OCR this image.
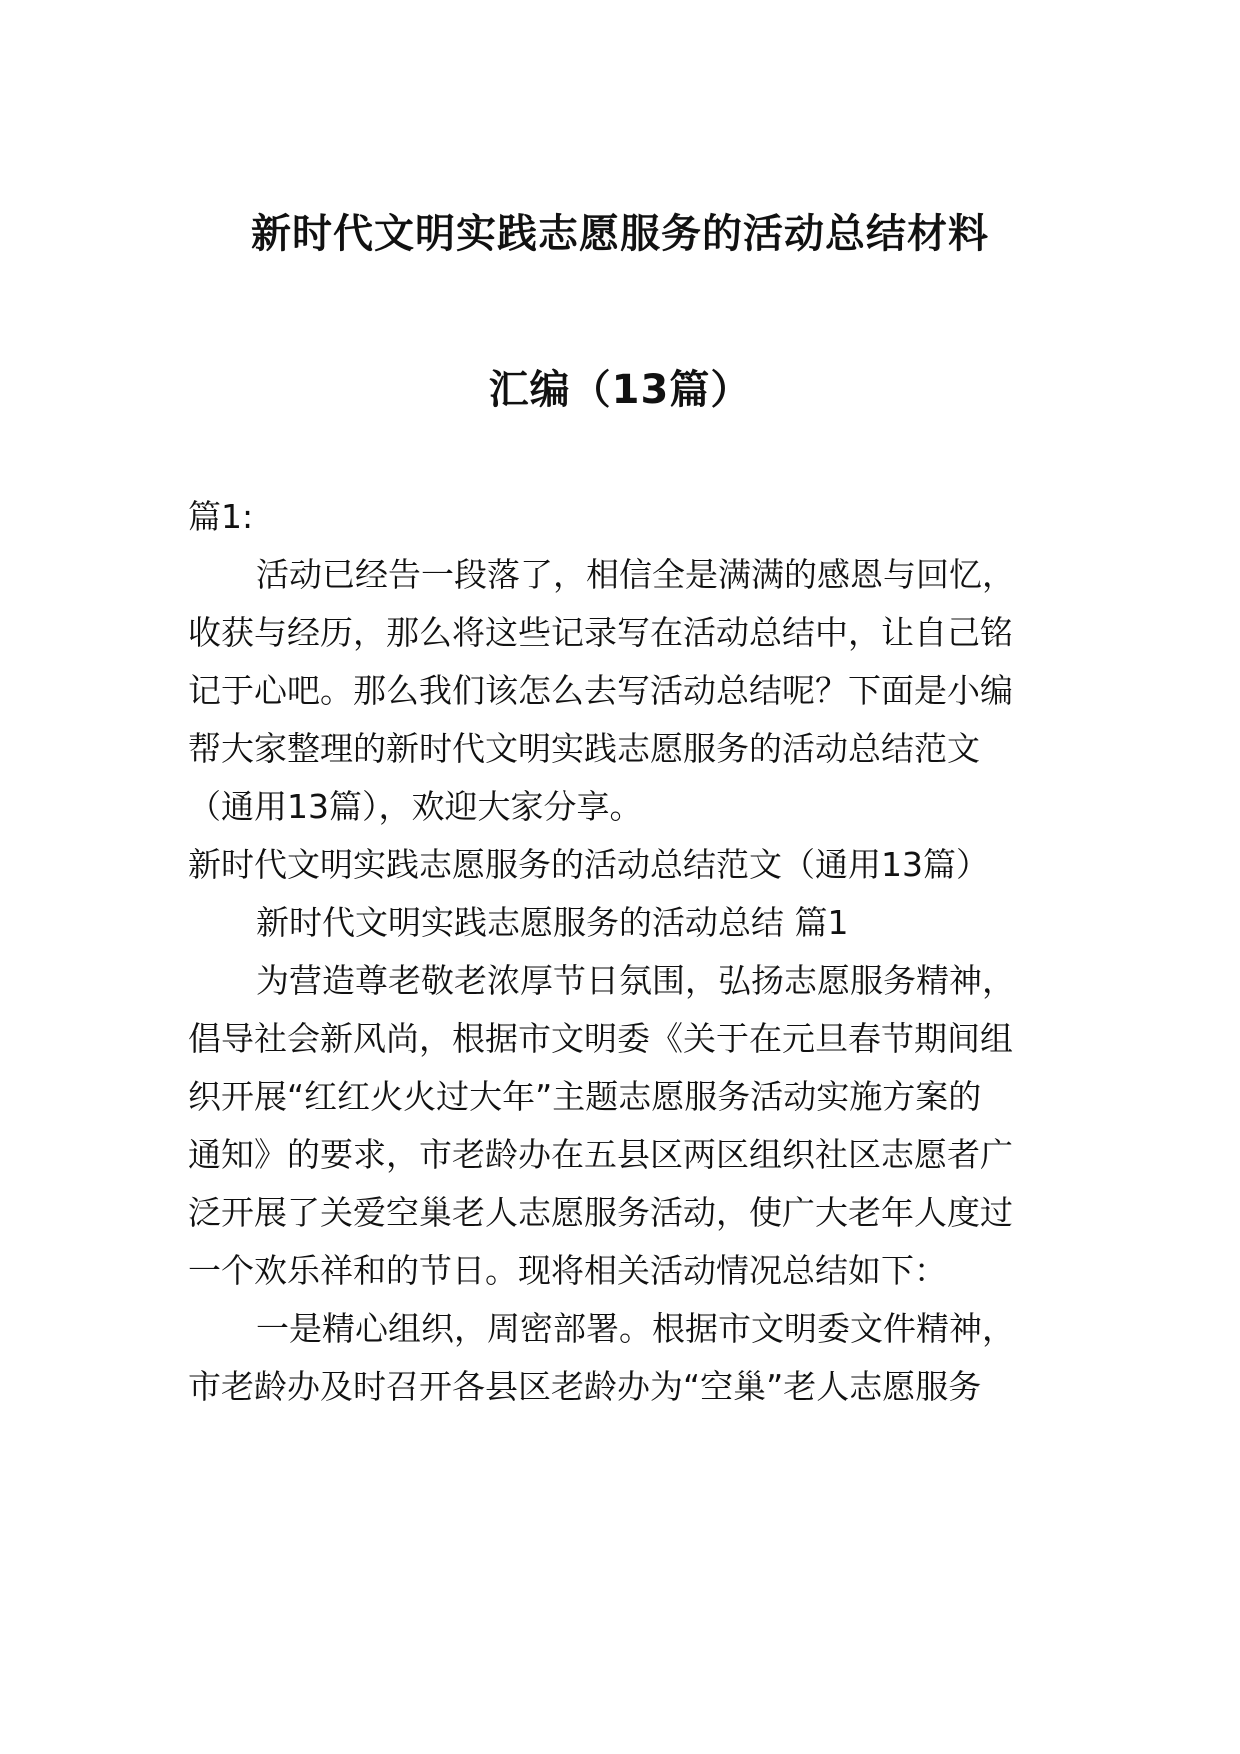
新时代文明实践志愿服务的活动总结材料
汇编（13篇）
篇1:
活动已经告一段落了，相信全是满满的感恩与回忆，
收获与经历，那么将这些记录写在活动总结中，让自己铭
记于心吧。那么我们该怎么去写活动总结呢？下面是小编
帮大家整理的新时代文明实践志愿服务的活动总结范文
（通用13篇），欢迎大家分享。
新时代文明实践志愿服务的活动总结范文（通用13篇）
新时代文明实践志愿服务的活动总结 篇1
为营造尊老敬老浓厚节日氛围，弘扬志愿服务精神，
倡导社会新风尚，根据市文明委《关于在元旦春节期间组
织开展“红红火火过大年”主题志愿服务活动实施方案的
通知》的要求，市老龄办在五县区两区组织社区志愿者广
泛开展了关爱空巢老人志愿服务活动，使广大老年人度过
一个欢乐祥和的节日。现将相关活动情况总结如下：
一是精心组织，周密部署。根据市文明委文件精神，
市老龄办及时召开各县区老龄办为“空巢”老人志愿服务
